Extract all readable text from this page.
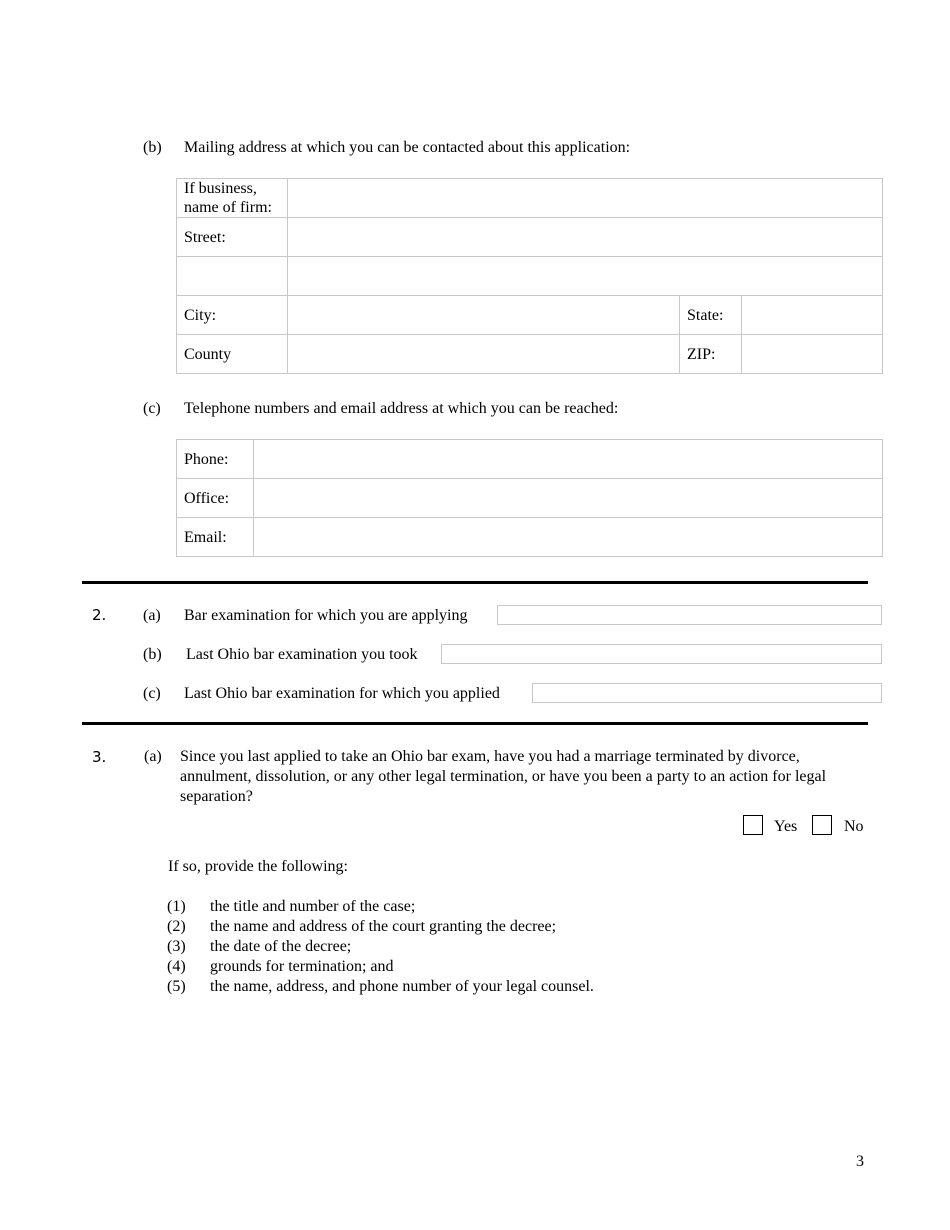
(b) Mailing address at which you can be contacted about this application:
If business,
name of firm:	

Street:	

City:		State:	

County		ZIP:	
(c) Telephone numbers and email address at which you can be reached:
Phone:	

Office:	

Email:	
2. (a) Bar examination for which you are applying
(b) Last Ohio bar examination you took
(c) Last Ohio bar examination for which you applied
3. (a) Since you last applied to take an Ohio bar exam, have you had a marriage terminated by divorce,
annulment, dissolution, or any other legal termination, or have you been a party to an action for legal
separation?
Yes	No
If so, provide the following:
(1) the title and number of the case;
(2) the name and address of the court granting the decree;
(3) the date of the decree;
(4) grounds for termination; and
(5) the name, address, and phone number of your legal counsel.
3
